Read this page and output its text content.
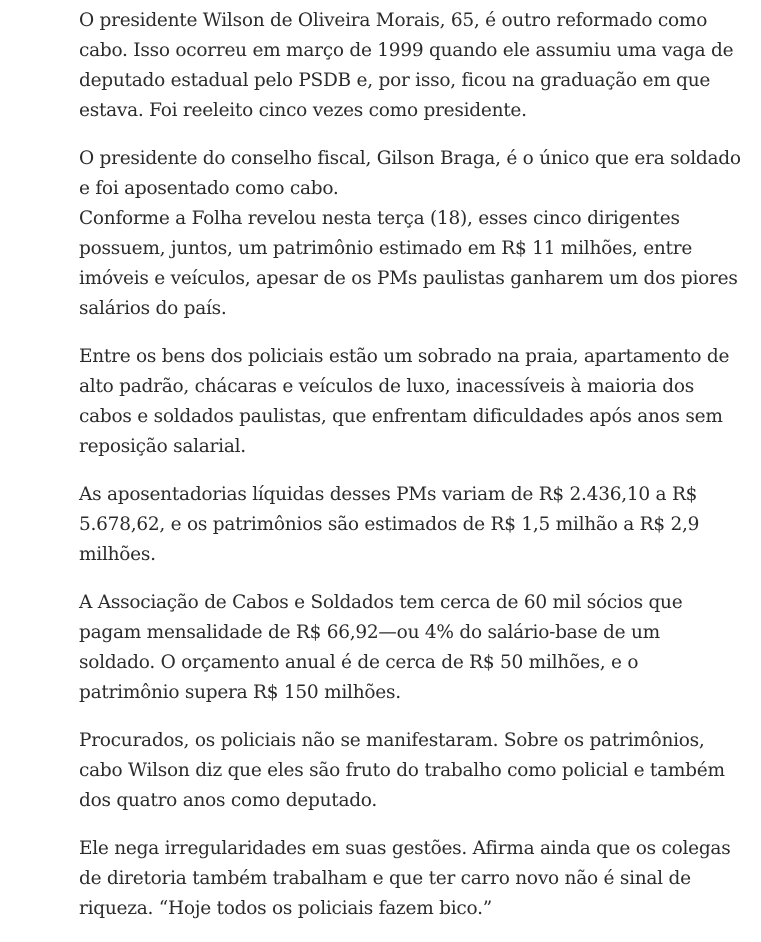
O presidente Wilson de Oliveira Morais, 65, é outro reformado como
cabo. Isso ocorreu em março de 1999 quando ele assumiu uma vaga de
deputado estadual pelo PSDB e, por isso, ficou na graduação em que
estava. Foi reeleito cinco vezes como presidente.

O presidente do conselho fiscal, Gilson Braga, é o único que era soldado
e foi aposentado como cabo.
Conforme a Folha revelou nesta terça (18), esses cinco dirigentes
possuem, juntos, um patrimônio estimado em R$ 11 milhões, entre
imóveis e veículos, apesar de os PMs paulistas ganharem um dos piores
salários do país.

Entre os bens dos policiais estão um sobrado na praia, apartamento de
alto padrão, chácaras e veículos de luxo, inacessíveis à maioria dos
cabos e soldados paulistas, que enfrentam dificuldades após anos sem
reposição salarial.

As aposentadorias líquidas desses PMs variam de R$ 2.436,10 a R$
5.678,62, e os patrimônios são estimados de R$ 1,5 milhão a R$ 2,9
milhões.

A Associação de Cabos e Soldados tem cerca de 60 mil sócios que
pagam mensalidade de R$ 66,92—ou 4% do salário-base de um
soldado. O orçamento anual é de cerca de R$ 50 milhões, e o
patrimônio supera R$ 150 milhões.

Procurados, os policiais não se manifestaram. Sobre os patrimônios,
cabo Wilson diz que eles são fruto do trabalho como policial e também
dos quatro anos como deputado.

Ele nega irregularidades em suas gestões. Afirma ainda que os colegas
de diretoria também trabalham e que ter carro novo não é sinal de
riqueza. “Hoje todos os policiais fazem bico.”
